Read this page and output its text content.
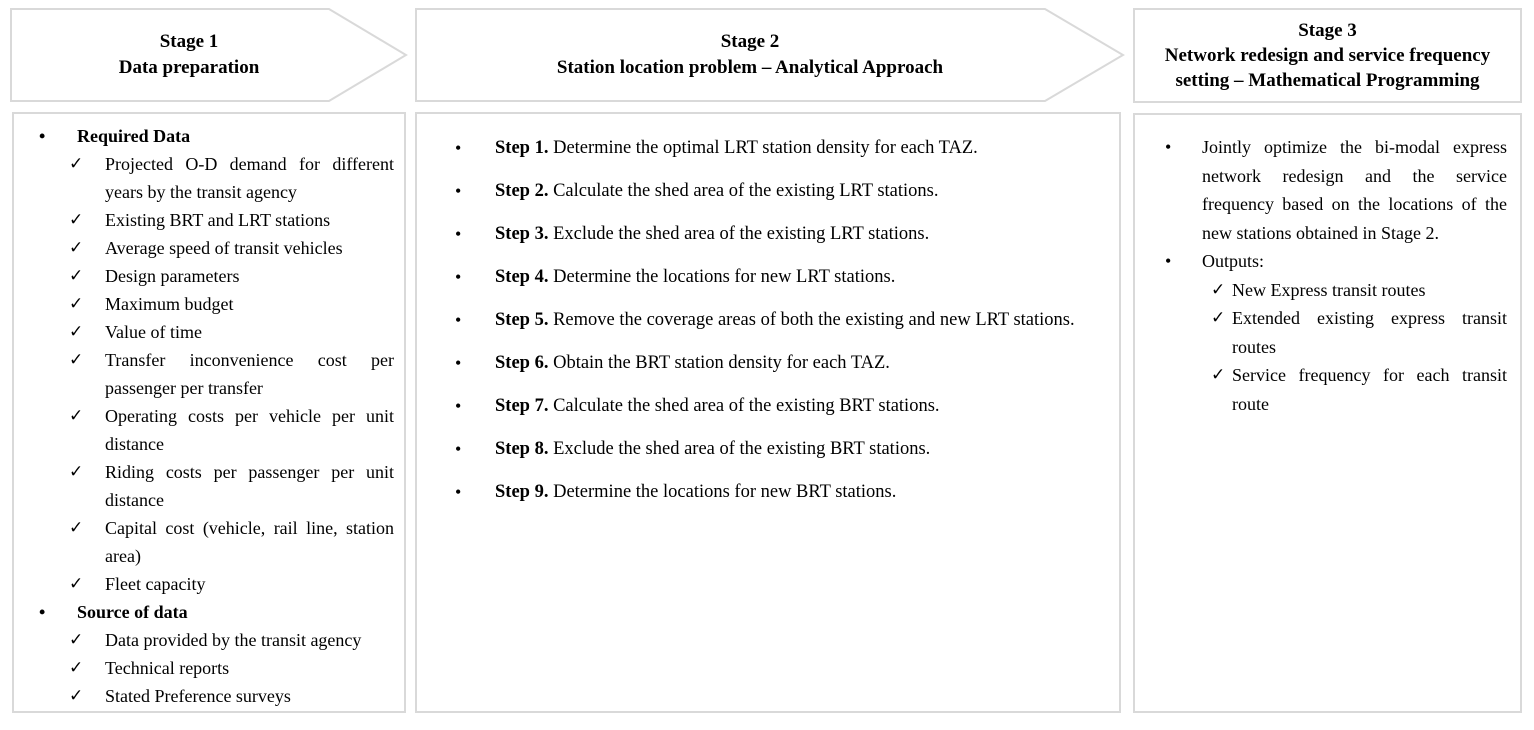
Stage 1
Data preparation
Stage 2
Station location problem – Analytical Approach
Stage 3
Network redesign and service frequency setting – Mathematical Programming
• Required Data
✓ Projected O-D demand for different years by the transit agency
✓ Existing BRT and LRT stations
✓ Average speed of transit vehicles
✓ Design parameters
✓ Maximum budget
✓ Value of time
✓ Transfer inconvenience cost per passenger per transfer
✓ Operating costs per vehicle per unit distance
✓ Riding costs per passenger per unit distance
✓ Capital cost (vehicle, rail line, station area)
✓ Fleet capacity
• Source of data
✓ Data provided by the transit agency
✓ Technical reports
✓ Stated Preference surveys
• Step 1. Determine the optimal LRT station density for each TAZ.
• Step 2. Calculate the shed area of the existing LRT stations.
• Step 3. Exclude the shed area of the existing LRT stations.
• Step 4. Determine the locations for new LRT stations.
• Step 5. Remove the coverage areas of both the existing and new LRT stations.
• Step 6. Obtain the BRT station density for each TAZ.
• Step 7. Calculate the shed area of the existing BRT stations.
• Step 8. Exclude the shed area of the existing BRT stations.
• Step 9. Determine the locations for new BRT stations.
• Jointly optimize the bi-modal express network redesign and the service frequency based on the locations of the new stations obtained in Stage 2.
• Outputs:
✓ New Express transit routes
✓ Extended existing express transit routes
✓ Service frequency for each transit route
